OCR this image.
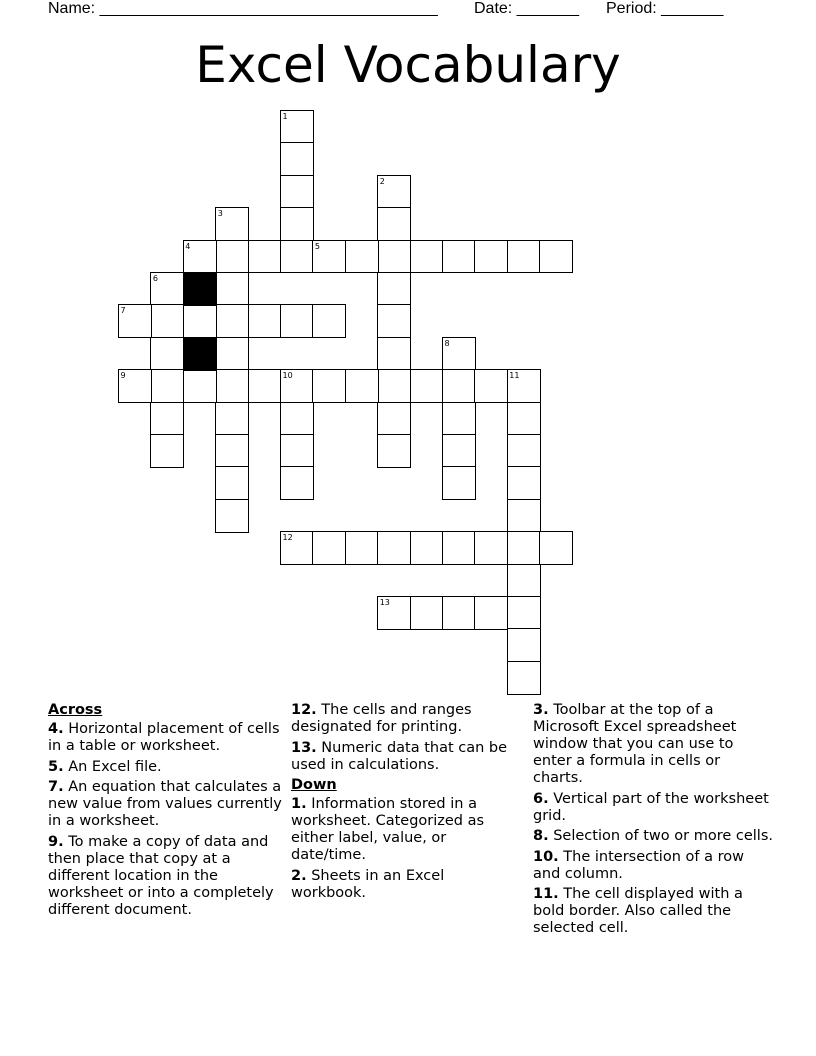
Name: ______________________________________ Date: _______ Period: _______
Excel Vocabulary
1
2
3
4	5
6
7
8
9	10	11
12
13
Across
4. Horizontal placement of cells in a table or worksheet.
5. An Excel file.
7. An equation that calculates a new value from values currently in a worksheet.
9. To make a copy of data and then place that copy at a different location in the worksheet or into a completely different document.
12. The cells and ranges designated for printing.
13. Numeric data that can be used in calculations.
Down
1. Information stored in a worksheet. Categorized as either label, value, or date/time.
2. Sheets in an Excel workbook.
3. Toolbar at the top of a Microsoft Excel spreadsheet window that you can use to enter a formula in cells or charts.
6. Vertical part of the worksheet grid.
8. Selection of two or more cells.
10. The intersection of a row and column.
11. The cell displayed with a bold border. Also called the selected cell.
